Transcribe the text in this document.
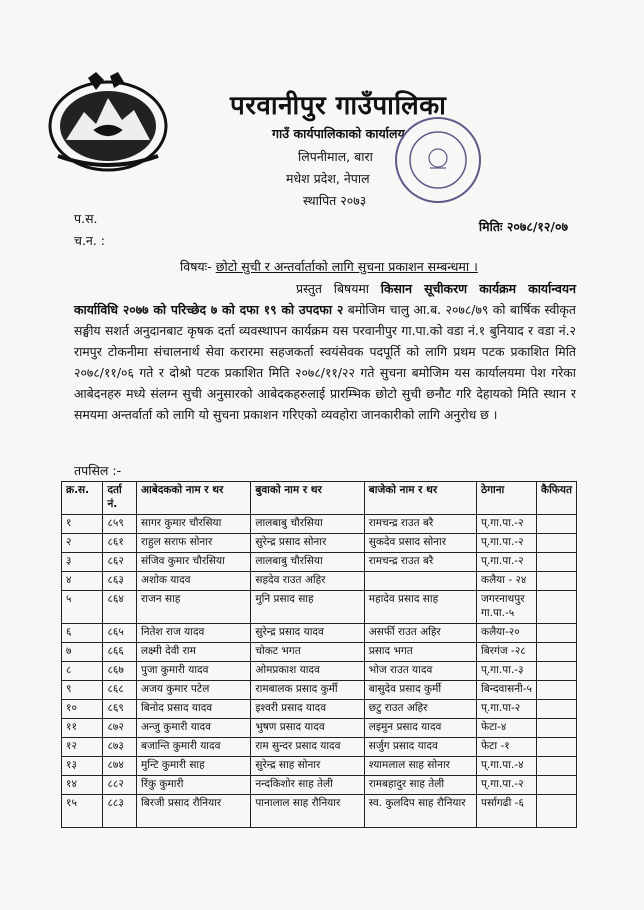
परवानीपुर गाउँपालिका
गाउँ कार्यपालिकाको कार्यालय
लिपनीमाल, बारा
मधेश प्रदेश, नेपाल
स्थापित २०७३
प.स.
च.न. :
मितिः २०७८/१२/०७
विषयः- छोटो सुची र अन्तर्वार्ताको लागि सुचना प्रकाशन सम्बन्धमा ।

प्रस्तुत बिषयमा किसान सूचीकरण कार्यक्रम कार्यान्वयन कार्याविधि २०७७ को परिच्छेद ७ को दफा १९ को उपदफा २ बमोजिम चालु आ.ब. २०७८/७९ को बार्षिक स्वीकृत सङ्घीय सशर्त अनुदानबाट कृषक दर्ता व्यवस्थापन कार्यक्रम यस परवानीपुर गा.पा.को वडा नं.१ बुनियाद र वडा नं.२ रामपुर टोकनीमा संचालनार्थ सेवा करारमा सहजकर्ता स्वयंसेवक पदपूर्ति को लागि प्रथम पटक प्रकाशित मिति २०७८/११/०६ गते र दोश्रो पटक प्रकाशित मिति २०७८/११/२२ गते सुचना बमोजिम यस कार्यालयमा पेश गरेका आबेदनहरु मध्ये संलग्न सुची अनुसारको आबेदकहरुलाई प्रारम्भिक छोटो सुची छनौट गरि देहायको मिति स्थान र समयमा अन्तर्वार्ता को लागि यो सुचना प्रकाशन गरिएको व्यवहोरा जानकारीको लागि अनुरोध छ ।

तपसिल :-
क्र.स.	दर्ता नं.	आबेदकको नाम र थर	बुवाको नाम र थर	बाजेको नाम र थर	ठेगाना	कैफियत
१	८५९	सागर कुमार चौरसिया	लालबाबु चौरसिया	रामचन्द्र राउत बरै	प्.गा.पा.-२	
२	८६१	राहुल सराफ सोनार	सुरेन्द्र प्रसाद सोनार	सुकदेव प्रसाद सोनार	प्.गा.पा.-२	
३	८६२	संजिव कुमार चौरसिया	लालबाबु चौरसिया	रामचन्द्र राउत बरै	प्.गा.पा.-२	
४	८६३	अशोक यादव	सहदेव राउत अहिर		कलैया - २४	
५	८६४	राजन साह	मुनि प्रसाद साह	महादेव प्रसाद साह	जगरनाथपुर गा.पा.-५	
६	८६५	नितेश राज यादव	सुरेन्द्र प्रसाद यादव	असर्फी राउत अहिर	कलैया-२०	
७	८६६	लक्ष्मी देवी राम	चोकट भगत	प्रसाद भगत	बिरगंज -२८	
८	८६७	पुजा कुमारी यादव	ओमप्रकाश यादव	भोज राउत यादव	प्.गा.पा.-३	
९	८६८	अजय कुमार पटेल	रामबालक प्रसाद कुर्मी	बासुदेव प्रसाद कुर्मी	बिन्दवासनी-५	
१०	८६९	बिनोद प्रसाद यादव	इश्वरी प्रसाद यादव	छटु राउत अहिर	प्.गा.पा-२	
११	८७२	अन्जु कुमारी यादव	भुषण प्रसाद यादव	लइमुन प्रसाद यादव	फेटा-४	
१२	८७३	बजान्ति कुमारी यादव	राम सुन्दर प्रसाद यादव	सर्जुग प्रसाद यादव	फेटा -१	
१३	८७४	मुन्टि कुमारी साह	सुरेन्द्र साह सोनार	श्यामलाल साह सोनार	प्.गा.पा.-४	
१४	८८२	रिंकु कुमारी	नन्दकिशोर साह तेली	रामबहादुर साह तेली	प्.गा.पा.-२	
१५	८८३	बिरजी प्रसाद रौनियार	पानालाल साह रौनियार	स्व. कुलदिप साह रौनियार	पर्सागढी -६	
